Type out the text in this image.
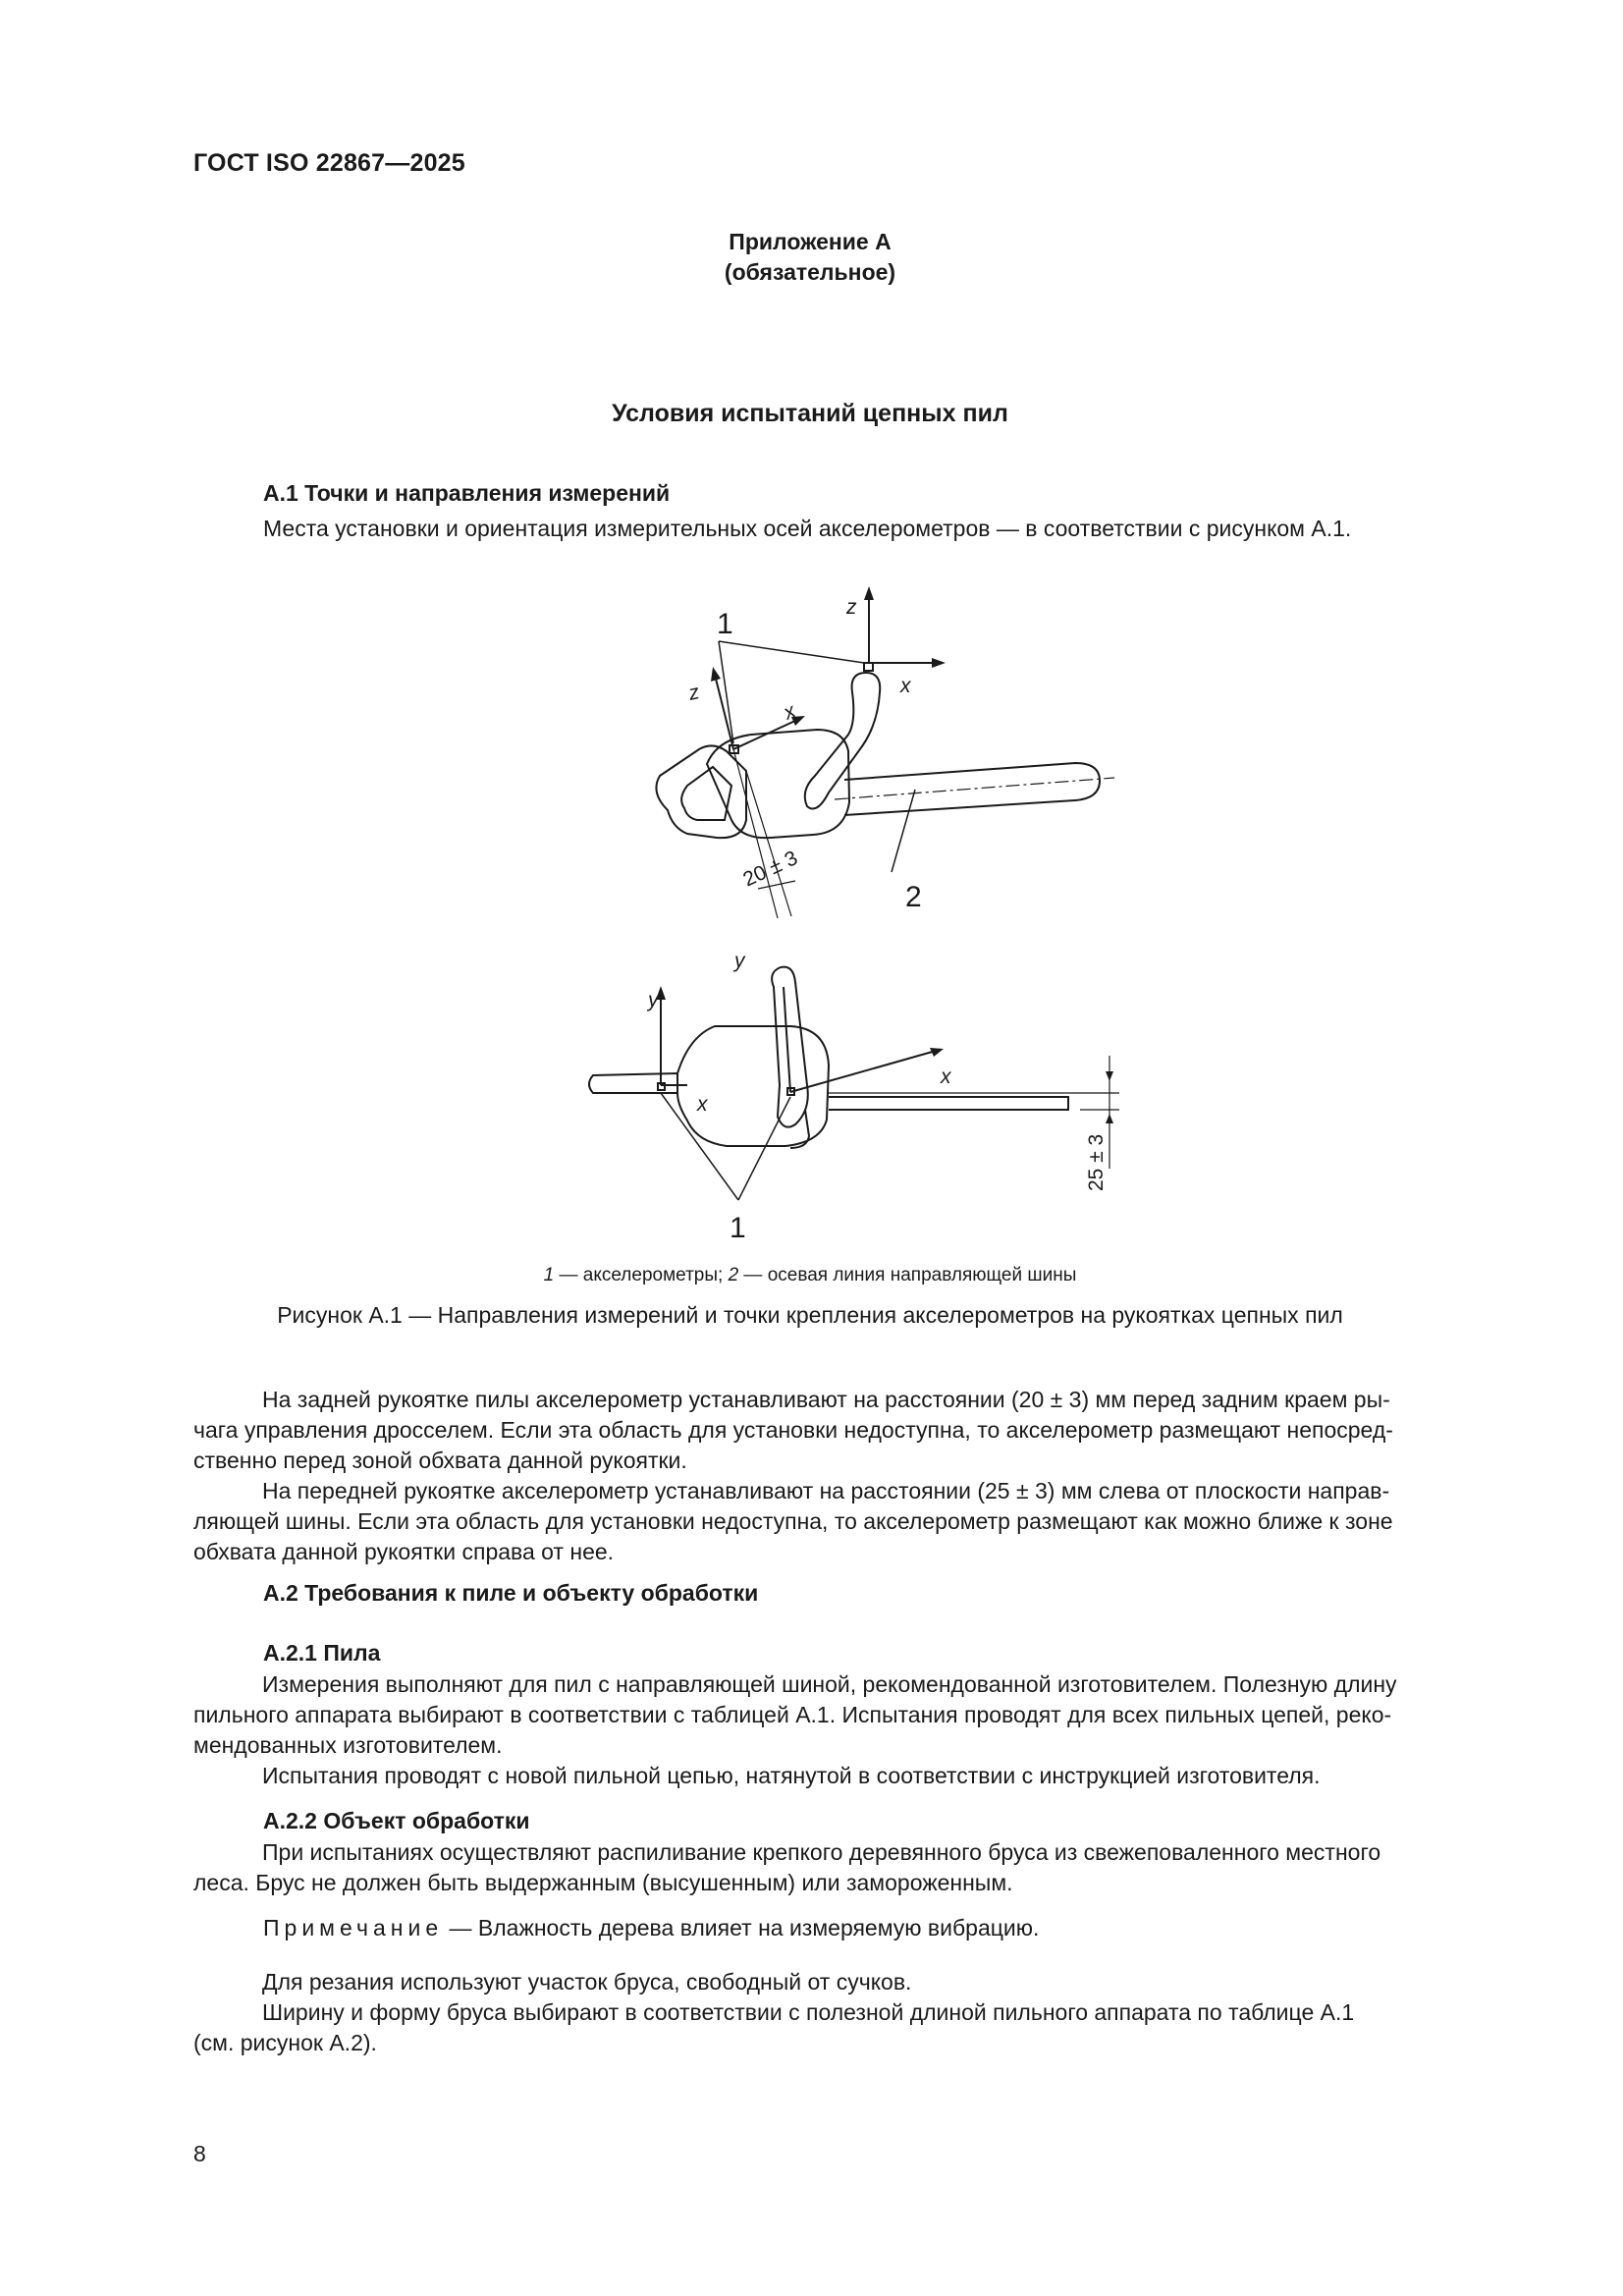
ГОСТ ISO 22867—2025
Приложение А
(обязательное)
Условия испытаний цепных пил
А.1 Точки и направления измерений
Места установки и ориентация измерительных осей акселерометров — в соответствии с рисунком А.1.
1
z
x
z
x
20 ± 3
2
y
y
x
x
25 ± 3
1
1 — акселерометры; 2 — осевая линия направляющей шины
Рисунок А.1 — Направления измерений и точки крепления акселерометров на рукоятках цепных пил
На задней рукоятке пилы акселерометр устанавливают на расстоянии (20 ± 3) мм перед задним краем ры-
чага управления дросселем. Если эта область для установки недоступна, то акселерометр размещают непосред-
ственно перед зоной обхвата данной рукоятки.
На передней рукоятке акселерометр устанавливают на расстоянии (25 ± 3) мм слева от плоскости направ-
ляющей шины. Если эта область для установки недоступна, то акселерометр размещают как можно ближе к зоне
обхвата данной рукоятки справа от нее.
А.2 Требования к пиле и объекту обработки
А.2.1 Пила
Измерения выполняют для пил с направляющей шиной, рекомендованной изготовителем. Полезную длину
пильного аппарата выбирают в соответствии с таблицей А.1. Испытания проводят для всех пильных цепей, реко-
мендованных изготовителем.
Испытания проводят с новой пильной цепью, натянутой в соответствии с инструкцией изготовителя.
А.2.2 Объект обработки
При испытаниях осуществляют распиливание крепкого деревянного бруса из свежеповаленного местного
леса. Брус не должен быть выдержанным (высушенным) или замороженным.
Примечание — Влажность дерева влияет на измеряемую вибрацию.
Для резания используют участок бруса, свободный от сучков.
Ширину и форму бруса выбирают в соответствии с полезной длиной пильного аппарата по таблице А.1
(см. рисунок А.2).
8
